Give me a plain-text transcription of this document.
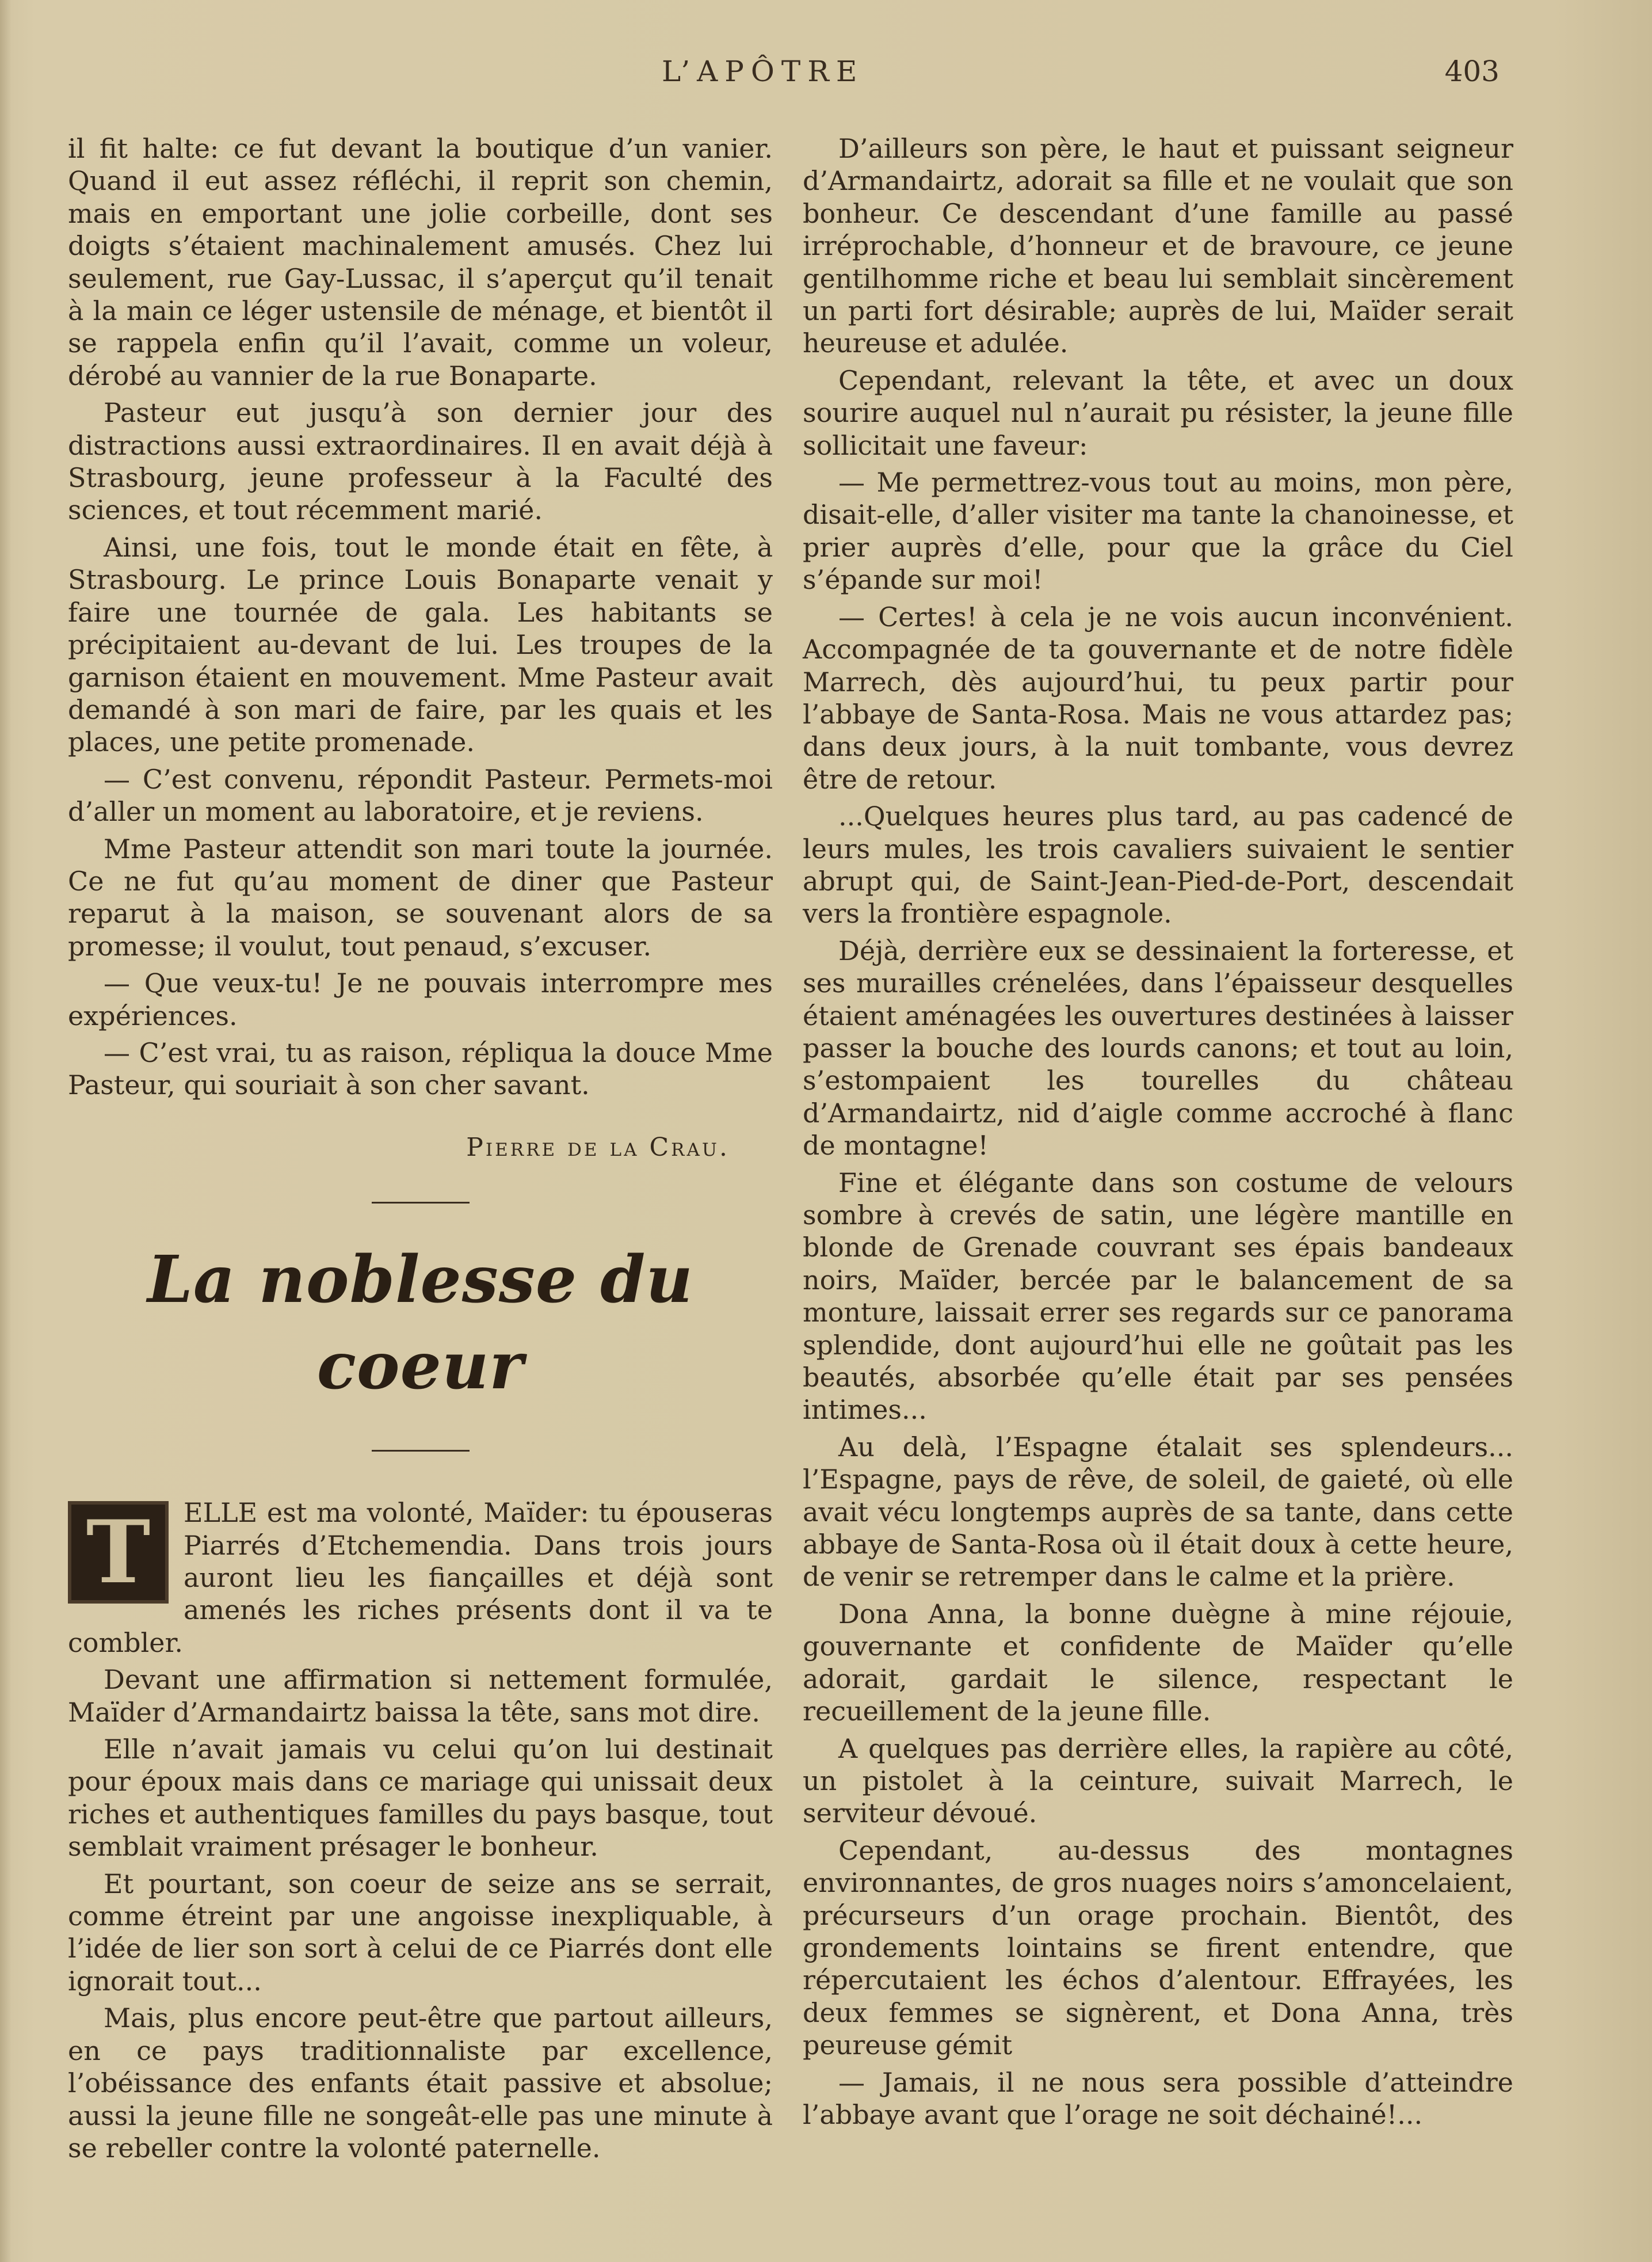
L’APÔTRE	403

il fit halte: ce fut devant la boutique d’un vanier. Quand il eut assez réfléchi, il reprit son chemin, mais en emportant une jolie corbeille, dont ses doigts s’étaient machinalement amusés. Chez lui seulement, rue Gay-Lussac, il s’aperçut qu’il tenait à la main ce léger ustensile de ménage, et bientôt il se rappela enfin qu’il l’avait, comme un voleur, dérobé au vannier de la rue Bonaparte.

Pasteur eut jusqu’à son dernier jour des distractions aussi extraordinaires. Il en avait déjà à Strasbourg, jeune professeur à la Faculté des sciences, et tout récemment marié.

Ainsi, une fois, tout le monde était en fête, à Strasbourg. Le prince Louis Bonaparte venait y faire une tournée de gala. Les habitants se précipitaient au-devant de lui. Les troupes de la garnison étaient en mouvement. Mme Pasteur avait demandé à son mari de faire, par les quais et les places, une petite promenade.

— C’est convenu, répondit Pasteur. Permets-moi d’aller un moment au laboratoire, et je reviens.

Mme Pasteur attendit son mari toute la journée. Ce ne fut qu’au moment de diner que Pasteur reparut à la maison, se souvenant alors de sa promesse; il voulut, tout penaud, s’excuser.

— Que veux-tu! Je ne pouvais interrompre mes expériences.

— C’est vrai, tu as raison, répliqua la douce Mme Pasteur, qui souriait à son cher savant.

Pierre de la Crau.
La noblesse du coeur

T	ELLE est ma volonté, Maïder: tu épouseras Piarrés d’Etchemendia. Dans trois jours auront lieu les fiançailles et déjà sont amenés les riches présents dont il va te combler.

Devant une affirmation si nettement formulée, Maïder d’Armandairtz baissa la tête, sans mot dire.

Elle n’avait jamais vu celui qu’on lui destinait pour époux mais dans ce mariage qui unissait deux riches et authentiques familles du pays basque, tout semblait vraiment présager le bonheur.

Et pourtant, son coeur de seize ans se serrait, comme étreint par une angoisse inexpliquable, à l’idée de lier son sort à celui de ce Piarrés dont elle ignorait tout...

Mais, plus encore peut-être que partout ailleurs, en ce pays traditionnaliste par excellence, l’obéissance des enfants était passive et absolue; aussi la jeune fille ne songeât-elle pas une minute à se rebeller contre la volonté paternelle.

D’ailleurs son père, le haut et puissant seigneur d’Armandairtz, adorait sa fille et ne voulait que son bonheur. Ce descendant d’une famille au passé irréprochable, d’honneur et de bravoure, ce jeune gentilhomme riche et beau lui semblait sincèrement un parti fort désirable; auprès de lui, Maïder serait heureuse et adulée.

Cependant, relevant la tête, et avec un doux sourire auquel nul n’aurait pu résister, la jeune fille sollicitait une faveur:

— Me permettrez-vous tout au moins, mon père, disait-elle, d’aller visiter ma tante la chanoinesse, et prier auprès d’elle, pour que la grâce du Ciel s’épande sur moi!

— Certes! à cela je ne vois aucun inconvénient. Accompagnée de ta gouvernante et de notre fidèle Marrech, dès aujourd’hui, tu peux partir pour l’abbaye de Santa-Rosa. Mais ne vous attardez pas; dans deux jours, à la nuit tombante, vous devrez être de retour.

...Quelques heures plus tard, au pas cadencé de leurs mules, les trois cavaliers suivaient le sentier abrupt qui, de Saint-Jean-Pied-de-Port, descendait vers la frontière espagnole.

Déjà, derrière eux se dessinaient la forteresse, et ses murailles crénelées, dans l’épaisseur desquelles étaient aménagées les ouvertures destinées à laisser passer la bouche des lourds canons; et tout au loin, s’estompaient les tourelles du château d’Armandairtz, nid d’aigle comme accroché à flanc de montagne!

Fine et élégante dans son costume de velours sombre à crevés de satin, une légère mantille en blonde de Grenade couvrant ses épais bandeaux noirs, Maïder, bercée par le balancement de sa monture, laissait errer ses regards sur ce panorama splendide, dont aujourd’hui elle ne goûtait pas les beautés, absorbée qu’elle était par ses pensées intimes...

Au delà, l’Espagne étalait ses splendeurs... l’Espagne, pays de rêve, de soleil, de gaieté, où elle avait vécu longtemps auprès de sa tante, dans cette abbaye de Santa-Rosa où il était doux à cette heure, de venir se retremper dans le calme et la prière.

Dona Anna, la bonne duègne à mine réjouie, gouvernante et confidente de Maïder qu’elle adorait, gardait le silence, respectant le recueillement de la jeune fille.

A quelques pas derrière elles, la rapière au côté, un pistolet à la ceinture, suivait Marrech, le serviteur dévoué.

Cependant, au-dessus des montagnes environnantes, de gros nuages noirs s’amoncelaient, précurseurs d’un orage prochain. Bientôt, des grondements lointains se firent entendre, que répercutaient les échos d’alentour. Effrayées, les deux femmes se signèrent, et Dona Anna, très peureuse gémit

— Jamais, il ne nous sera possible d’atteindre l’abbaye avant que l’orage ne soit déchainé!...
